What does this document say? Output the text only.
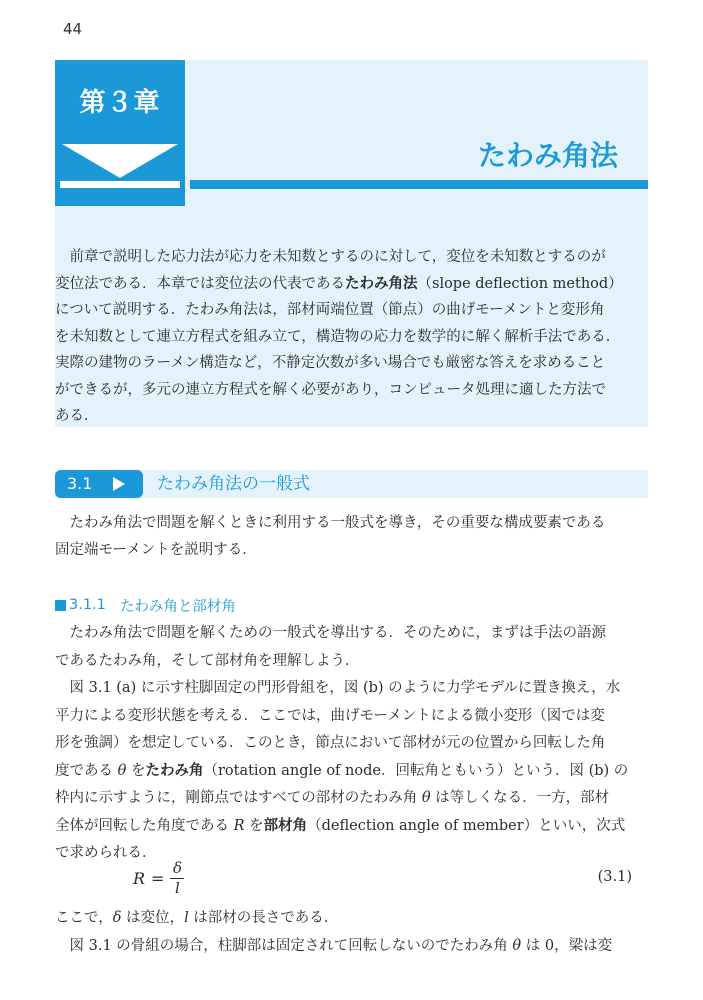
44
第３章
たわみ角法
　前章で説明した応力法が応力を未知数とするのに対して，変位を未知数とするのが
変位法である．本章では変位法の代表であるたわみ角法（slope deflection method）
について説明する．たわみ角法は，部材両端位置（節点）の曲げモーメントと変形角
を未知数として連立方程式を組み立て，構造物の応力を数学的に解く解析手法である．
実際の建物のラーメン構造など，不静定次数が多い場合でも厳密な答えを求めること
ができるが，多元の連立方程式を解く必要があり，コンピュータ処理に適した方法で
ある．
3.1	たわみ角法の一般式
　たわみ角法で問題を解くときに利用する一般式を導き，その重要な構成要素である
固定端モーメントを説明する．
3.1.1 たわみ角と部材角
　たわみ角法で問題を解くための一般式を導出する．そのために，まずは手法の語源
であるたわみ角，そして部材角を理解しよう．
　図 3.1 (a) に示す柱脚固定の門形骨組を，図 (b) のように力学モデルに置き換え，水
平力による変形状態を考える．ここでは，曲げモーメントによる微小変形（図では変
形を強調）を想定している．このとき，節点において部材が元の位置から回転した角
度である θ をたわみ角（rotation angle of node．回転角ともいう）という．図 (b) の
枠内に示すように，剛節点ではすべての部材のたわみ角 θ は等しくなる．一方，部材
全体が回転した角度である R を部材角（deflection angle of member）といい，次式
で求められる．
$R = \frac{\delta}{l}$	(3.1)
ここで，δ は変位，l は部材の長さである．
　図 3.1 の骨組の場合，柱脚部は固定されて回転しないのでたわみ角 θ は 0，梁は変
